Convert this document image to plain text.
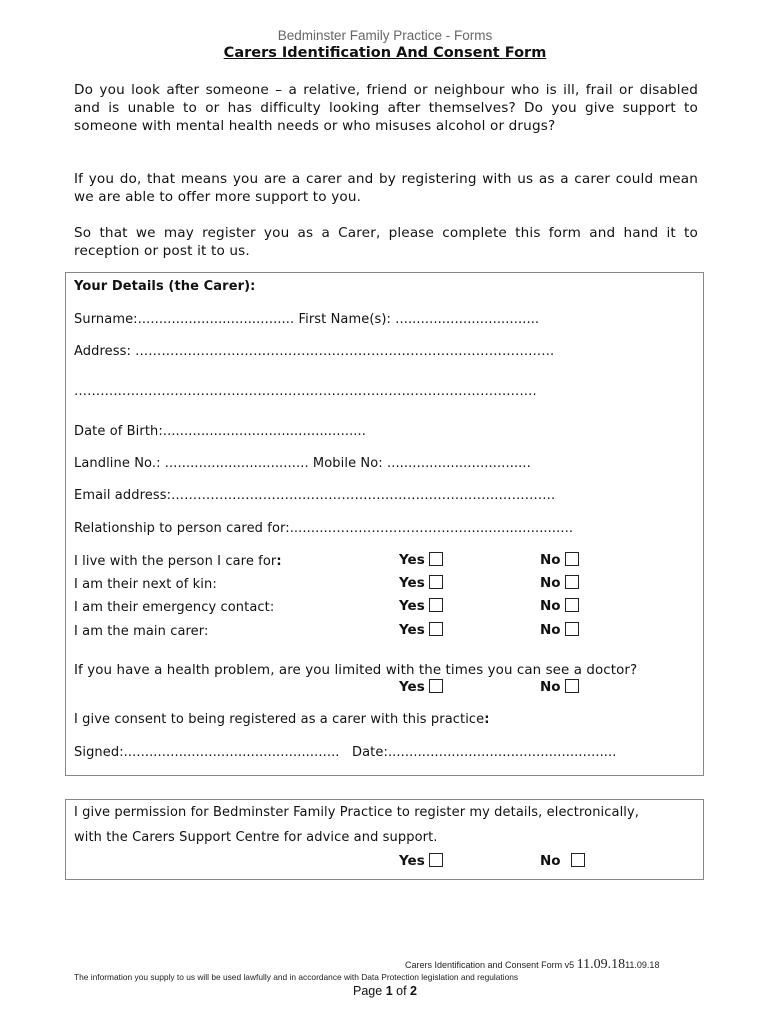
Bedminster Family Practice - Forms
Carers Identification And Consent Form
Do you look after someone – a relative, friend or neighbour who is ill, frail or disabled and is unable to or has difficulty looking after themselves? Do you give support to someone with mental health needs or who misuses alcohol or drugs?
If you do, that means you are a carer and by registering with us as a carer could mean we are able to offer more support to you.
So that we may register you as a Carer, please complete this form and hand it to reception or post it to us.
Your Details (the Carer):
Surname:..................................... First Name(s): ..................................
Address: ……………………………………………………………………………………
…………………………………………………………………………………………….
Date of Birth:................................................
Landline No.: .................................. Mobile No: ..................................
Email address:…………………………………………………………………………….
Relationship to person cared for:..........…………………………..........................
I live with the person I care for:	Yes	No
I am their next of kin:	Yes	No
I am their emergency contact:	Yes	No
I am the main carer:	Yes	No
If you have a health problem, are you limited with the times you can see a doctor?
Yes	No
I give consent to being registered as a carer with this practice:
Signed:................................................... Date:......................................................
I give permission for Bedminster Family Practice to register my details, electronically,
with the Carers Support Centre for advice and support.
Yes	No
Carers Identification and Consent Form v5 11.09.1811.09.18
The information you supply to us will be used lawfully and in accordance with Data Protection legislation and regulations
Page 1 of 2
